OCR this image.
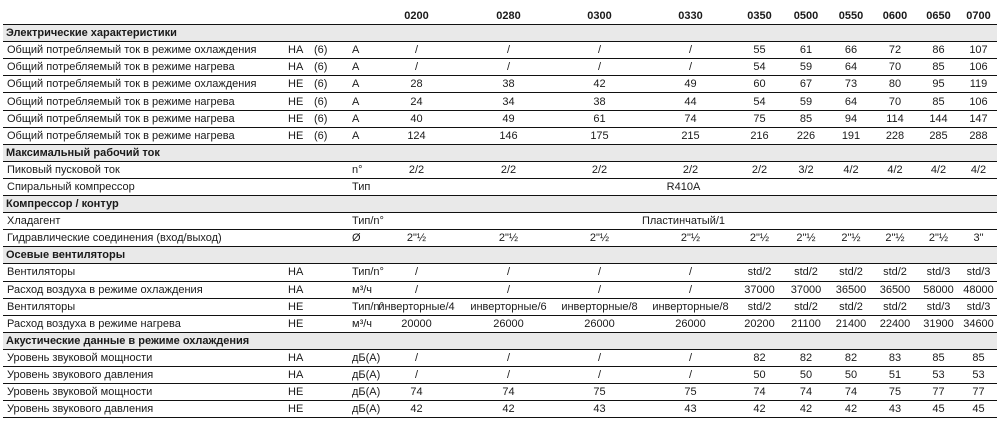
				0200	0280	0300	0330	0350	0500	0550	0600	0650	0700
Электрические характеристики													
Общий потребляемый ток в режиме охлаждения	HA	(6)	A	/	/	/	/	55	61	66	72	86	107
Общий потребляемый ток в режиме нагрева	HA	(6)	A	/	/	/	/	54	59	64	70	85	106
Общий потребляемый ток в режиме охлаждения	HE	(6)	A	28	38	42	49	60	67	73	80	95	119
Общий потребляемый ток в режиме нагрева	HE	(6)	A	24	34	38	44	54	59	64	70	85	106
Общий потребляемый ток в режиме нагрева	HE	(6)	A	40	49	61	74	75	85	94	114	144	147
Общий потребляемый ток в режиме нагрева	HE	(6)	A	124	146	175	215	216	226	191	228	285	288
Максимальный рабочий ток													
Пиковый пусковой ток			n°	2/2	2/2	2/2	2/2	2/2	3/2	4/2	4/2	4/2	4/2
Спиральный компрессор			Тип	R410A									
Компрессор / контур													
Хладагент			Тип/n°	Пластинчатый/1									
Гидравлические соединения (вход/выход)			Ø	2"½	2"½	2"½	2"½	2"½	2"½	2"½	2"½	2"½	3"
Осевые вентиляторы													
Вентиляторы	HA		Тип/n°	/	/	/	/	std/2	std/2	std/2	std/2	std/3	std/3
Расход воздуха в режиме охлаждения	HA		м³/ч	/	/	/	/	37000	37000	36500	36500	58000	48000
Вентиляторы	HE		Тип/n°	инверторные/4	инверторные/6	инверторные/8	инверторные/8	std/2	std/2	std/2	std/2	std/3	std/3
Расход воздуха в режиме нагрева	HE		м³/ч	20000	26000	26000	26000	20200	21100	21400	22400	31900	34600
Акустические данные в режиме охлаждения													
Уровень звуковой мощности	HA		дБ(A)	/	/	/	/	82	82	82	83	85	85
Уровень звукового давления	HA		дБ(A)	/	/	/	/	50	50	50	51	53	53
Уровень звуковой мощности	HE		дБ(A)	74	74	75	75	74	74	74	75	77	77
Уровень звукового давления	HE		дБ(A)	42	42	43	43	42	42	42	43	45	45
